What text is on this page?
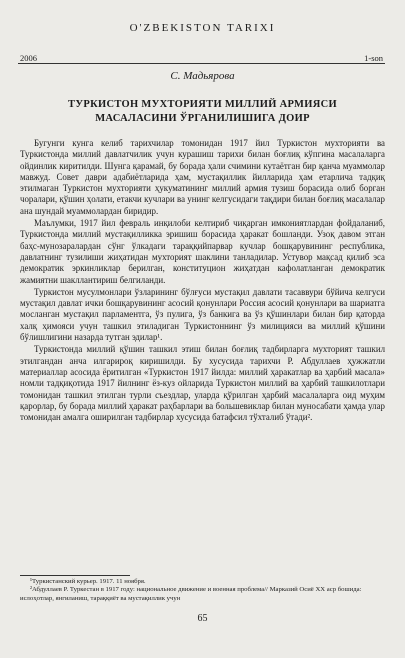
O'ZBEKISTON TARIXI
2006	1-son
С. Мадьярова
ТУРКИСТОН МУХТОРИЯТИ МИЛЛИЙ АРМИЯСИ МАСАЛАСИНИ ЎРГАНИЛИШИГА ДОИР

Бугунги кунга келиб тарихчилар томонидан 1917 йил Туркистон мухторияти ва Туркистонда миллий давлатчилик учун курашиш тарихи билан боғлиқ кўпгина масалаларга ойдинлик киритилди. Шунга қарамай, бу борада ҳали счимини кутаётган бир қанча муаммолар мавжуд. Совет даври адабиётларида ҳам, мустақиллик йилларида ҳам етарлича тадқиқ этилмаган Туркистон мухторияти ҳукуматининг миллий армия тузиш борасида олиб борган чоралари, қўшин ҳолати, етакчи кучлари ва унинг келгусидаги тақдири билан боғлиқ масалалар ана шундай муаммолардан биридир.

Маълумки, 1917 йил февраль инқилоби келтириб чиқарган имкониятлардан фойдаланиб, Туркистонда миллий мустақилликка эришиш борасида ҳаракат бошланди. Узоқ давом этган баҳс-мунозаралардан сўнг ўлкадаги тараққийпарвар кучлар бошқарувининг республика, давлатнинг тузилиши жиҳатидан мухторият шаклини танладилар. Устувор мақсад қилиб эса демократик эркинликлар берилган, конституцион жиҳатдан кафолатланган демократик жамиятни шакллантириш белгиланди.

Туркистон мусулмонлари ўзларининг бўлғуси мустақил давлати тасаввури бўйича келгуси мустақил давлат ички бошқарувининг асосий қонунлари Россия асосий қонунлари ва шариатга мосланган мустақил парламентга, ўз пулига, ўз банкига ва ўз қўшинлари билан бир қаторда халқ ҳимояси учун ташкил этиладиган Туркистоннинг ўз милицияси ва миллий қўшини бўлишлигини назарда тутган эдилар¹.

Туркистонда миллий қўшин ташкил этиш билан боғлиқ тадбирларга мухторият ташкил этилгандан анча илгарироқ киришилди. Бу хусусида тарихчи Р. Абдуллаев ҳужжатли материаллар асосида ёритилган «Туркистон 1917 йилда: миллий ҳаракатлар ва ҳарбий масала» номли тадқиқотида 1917 йилнинг ёз-куз ойларида Туркистон миллий ва ҳарбий ташкилотлари томонидан ташкил этилган турли съездлар, уларда қўрилган ҳарбий масалаларга оид муҳим қарорлар, бу борада миллий ҳаракат раҳбарлари ва большевиклар билан муносабати ҳамда улар томонидан амалга оширилган тадбирлар хусусида батафсил тўхталиб ўтади².

¹Туркистанский курьер. 1917. 11 ноября.

²Абдуллаев Р. Туркестан в 1917 году: национальное движение и военная проблема// Марказий Осиё XX аср бошида: ислоҳотлар, янгиланиш, тараққиёт ва мустақиллик учун

65
